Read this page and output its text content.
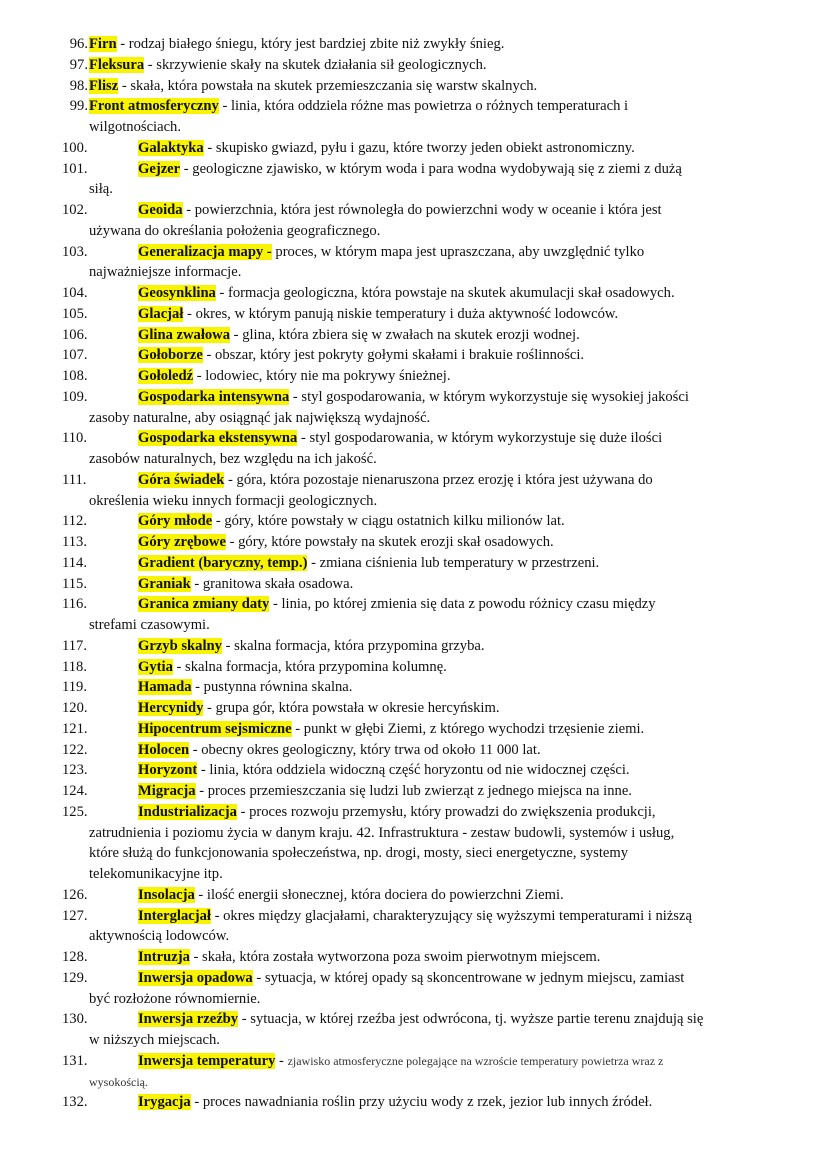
96. Firn - rodzaj białego śniegu, który jest bardziej zbite niż zwykły śnieg.
97. Fleksura - skrzywienie skały na skutek działania sił geologicznych.
98. Flisz - skała, która powstała na skutek przemieszczania się warstw skalnych.
99. Front atmosferyczny - linia, która oddziela różne mas powietrza o różnych temperaturach i
wilgotnościach.
100.	Galaktyka - skupisko gwiazd, pyłu i gazu, które tworzy jeden obiekt astronomiczny.
101.	Gejzer - geologiczne zjawisko, w którym woda i para wodna wydobywają się z ziemi z dużą
siłą.
102.	Geoida - powierzchnia, która jest równoległa do powierzchni wody w oceanie i która jest
używana do określania położenia geograficznego.
103.	Generalizacja mapy - proces, w którym mapa jest upraszczana, aby uwzględnić tylko
najważniejsze informacje.
104.	Geosynklina - formacja geologiczna, która powstaje na skutek akumulacji skał osadowych.
105.	Glacjał - okres, w którym panują niskie temperatury i duża aktywność lodowców.
106.	Glina zwałowa - glina, która zbiera się w zwałach na skutek erozji wodnej.
107.	Gołoborze - obszar, który jest pokryty gołymi skałami i brakuie roślinności.
108.	Gołoledź - lodowiec, który nie ma pokrywy śnieżnej.
109.	Gospodarka intensywna - styl gospodarowania, w którym wykorzystuje się wysokiej jakości
zasoby naturalne, aby osiągnąć jak największą wydajność.
110.	Gospodarka ekstensywna - styl gospodarowania, w którym wykorzystuje się duże ilości
zasobów naturalnych, bez względu na ich jakość.
111.	Góra świadek - góra, która pozostaje nienaruszona przez erozję i która jest używana do
określenia wieku innych formacji geologicznych.
112.	Góry młode - góry, które powstały w ciągu ostatnich kilku milionów lat.
113.	Góry zrębowe - góry, które powstały na skutek erozji skał osadowych.
114.	Gradient (baryczny, temp.) - zmiana ciśnienia lub temperatury w przestrzeni.
115.	Graniak - granitowa skała osadowa.
116.	Granica zmiany daty - linia, po której zmienia się data z powodu różnicy czasu między
strefami czasowymi.
117.	Grzyb skalny - skalna formacja, która przypomina grzyba.
118.	Gytia - skalna formacja, która przypomina kolumnę.
119.	Hamada - pustynna równina skalna.
120.	Hercynidy - grupa gór, która powstała w okresie hercyńskim.
121.	Hipocentrum sejsmiczne - punkt w głębi Ziemi, z którego wychodzi trzęsienie ziemi.
122.	Holocen - obecny okres geologiczny, który trwa od około 11 000 lat.
123.	Horyzont - linia, która oddziela widoczną część horyzontu od nie widocznej części.
124.	Migracja - proces przemieszczania się ludzi lub zwierząt z jednego miejsca na inne.
125.	Industrializacja - proces rozwoju przemysłu, który prowadzi do zwiększenia produkcji,
zatrudnienia i poziomu życia w danym kraju. 42. Infrastruktura - zestaw budowli, systemów i usług,
które służą do funkcjonowania społeczeństwa, np. drogi, mosty, sieci energetyczne, systemy
telekomunikacyjne itp.
126.	Insolacja - ilość energii słonecznej, która dociera do powierzchni Ziemi.
127.	Interglacjał - okres między glacjałami, charakteryzujący się wyższymi temperaturami i niższą
aktywnością lodowców.
128.	Intruzja - skała, która została wytworzona poza swoim pierwotnym miejscem.
129.	Inwersja opadowa - sytuacja, w której opady są skoncentrowane w jednym miejscu, zamiast
być rozłożone równomiernie.
130.	Inwersja rzeźby - sytuacja, w której rzeźba jest odwrócona, tj. wyższe partie terenu znajdują się
w niższych miejscach.
131.	Inwersja temperatury - zjawisko atmosferyczne polegające na wzroście temperatury powietrza wraz z
wysokością.
132.	Irygacja - proces nawadniania roślin przy użyciu wody z rzek, jezior lub innych źródeł.
